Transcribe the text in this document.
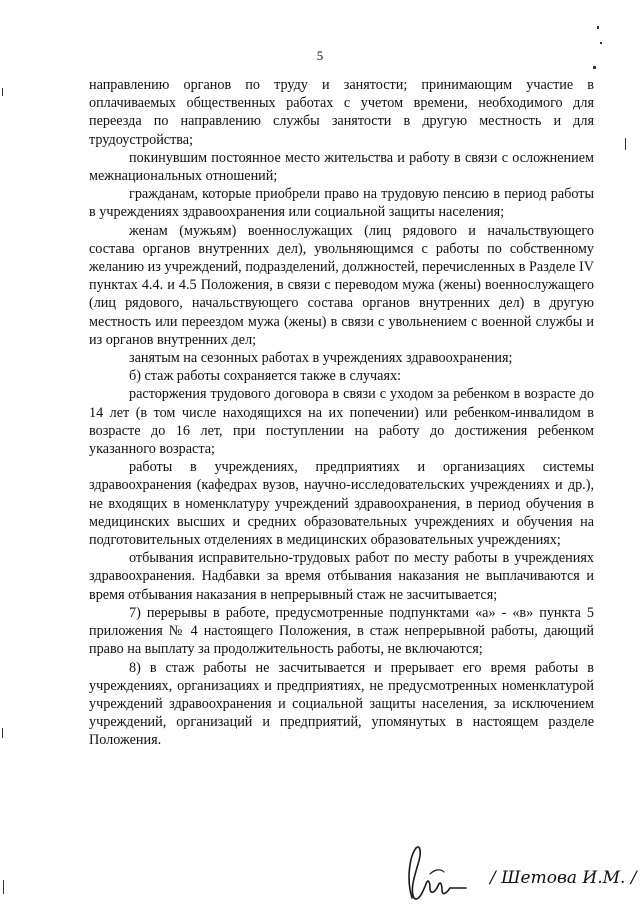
5

направлению органов по труду и занятости; принимающим участие в оплачиваемых общественных работах с учетом времени, необходимого для переезда по направлению службы занятости в другую местность и для трудоустройства;

покинувшим постоянное место жительства и работу в связи с осложнением межнациональных отношений;

гражданам, которые приобрели право на трудовую пенсию в период работы в учреждениях здравоохранения или социальной защиты населения;

женам (мужьям) военнослужащих (лиц рядового и начальствующего состава органов внутренних дел), увольняющимся с работы по собственному желанию из учреждений, подразделений, должностей, перечисленных в Разделе IV пунктах 4.4. и 4.5 Положения, в связи с переводом мужа (жены) военнослужащего (лиц рядового, начальствующего состава органов внутренних дел) в другую местность или переездом мужа (жены) в связи с увольнением с военной службы и из органов внутренних дел;

занятым на сезонных работах в учреждениях здравоохранения;

б) стаж работы сохраняется также в случаях:

расторжения трудового договора в связи с уходом за ребенком в возрасте до 14 лет (в том числе находящихся на их попечении) или ребенком-инвалидом в возрасте до 16 лет, при поступлении на работу до достижения ребенком указанного возраста;

работы в учреждениях, предприятиях и организациях системы здравоохранения (кафедрах вузов, научно-исследовательских учреждениях и др.), не входящих в номенклатуру учреждений здравоохранения, в период обучения в медицинских высших и средних образовательных учреждениях и обучения на подготовительных отделениях в медицинских образовательных учреждениях;

отбывания исправительно-трудовых работ по месту работы в учреждениях здравоохранения. Надбавки за время отбывания наказания не выплачиваются и время отбывания наказания в непрерывный стаж не засчитывается;

7) перерывы в работе, предусмотренные подпунктами «а» - «в» пункта 5 приложения № 4 настоящего Положения, в стаж непрерывной работы, дающий право на выплату за продолжительность работы, не включаются;

8) в стаж работы не засчитывается и прерывает его время работы в учреждениях, организациях и предприятиях, не предусмотренных номенклатурой учреждений здравоохранения и социальной защиты населения, за исключением учреждений, организаций и предприятий, упомянутых в настоящем разделе Положения.

/ Шетова И.М. /
